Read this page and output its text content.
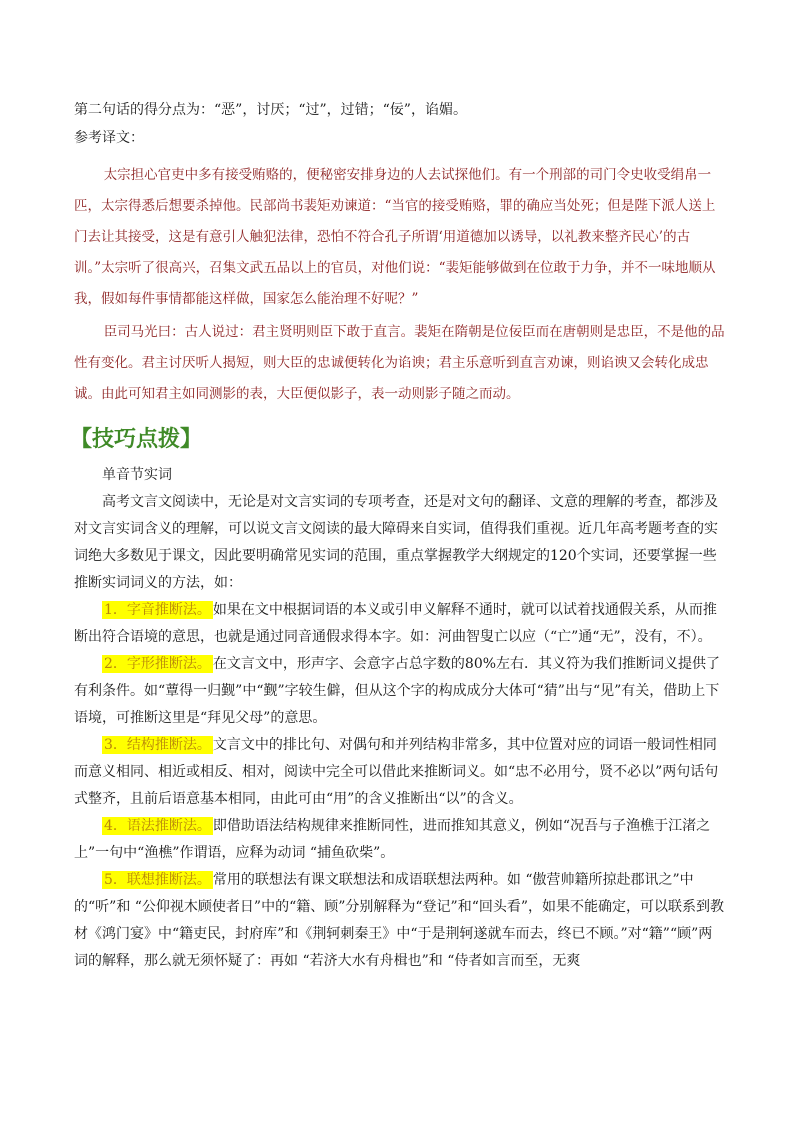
第二句话的得分点为：“恶”，讨厌；“过”，过错；“佞”，谄媚。
参考译文：

太宗担心官吏中多有接受贿赂的，便秘密安排身边的人去试探他们。有一个刑部的司门令史收受绢帛一匹，太宗得悉后想要杀掉他。民部尚书裴矩劝谏道：“当官的接受贿赂，罪的确应当处死；但是陛下派人送上门去让其接受，这是有意引人触犯法律，恐怕不符合孔子所谓‘用道德加以诱导，以礼教来整齐民心’的古训。”太宗听了很高兴，召集文武五品以上的官员，对他们说：“裴矩能够做到在位敢于力争，并不一味地顺从我，假如每件事情都能这样做，国家怎么能治理不好呢？”

臣司马光曰：古人说过：君主贤明则臣下敢于直言。裴矩在隋朝是位佞臣而在唐朝则是忠臣，不是他的品性有变化。君主讨厌听人揭短，则大臣的忠诚便转化为谄谀；君主乐意听到直言劝谏，则谄谀又会转化成忠诚。由此可知君主如同测影的表，大臣便似影子，表一动则影子随之而动。

【技巧点拨】

单音节实词

高考文言文阅读中，无论是对文言实词的专项考查，还是对文句的翻译、文意的理解的考查，都涉及对文言实词含义的理解，可以说文言文阅读的最大障碍来自实词，值得我们重视。近几年高考题考查的实词绝大多数见于课文，因此要明确常见实词的范围，重点掌握教学大纲规定的120个实词，还要掌握一些推断实词词义的方法，如：

1．字音推断法。 如果在文中根据词语的本义或引申义解释不通时，就可以试着找通假关系，从而推断出符合语境的意思，也就是通过同音通假求得本字。如：河曲智叟亡以应（“亡”通“无”，没有，不）。

2．字形推断法。 在文言文中，形声字、会意字占总字数的80%左右．其义符为我们推断词义提供了有利条件。如“蕈得一归觐”中“觐”字较生僻，但从这个字的构成成分大体可“猜”出与“见”有关，借助上下语境，可推断这里是“拜见父母”的意思。

3．结构推断法。 文言文中的排比句、对偶句和并列结构非常多，其中位置对应的词语一般词性相同而意义相同、相近或相反、相对，阅读中完全可以借此来推断词义。如“忠不必用兮，贤不必以”两句话句式整齐，且前后语意基本相同，由此可由“用”的含义推断出“以”的含义。

4．语法推断法。 即借助语法结构规律来推断同性，进而推知其意义，例如“况吾与子渔樵于江渚之上”一句中“渔樵”作谓语，应释为动词 “捕鱼砍柴”。

5．联想推断法。 常用的联想法有课文联想法和成语联想法两种。如 “傲营帅籍所掠赴郡讯之”中的“听”和 “公仰视木顾使者日”中的“籍、顾”分别解释为“登记”和“回头看”，如果不能确定，可以联系到教材《鸿门宴》中“籍吏民，封府库”和《荆轲刺秦王》中“于是荆轲遂就车而去，终已不顾。”对“籍”“顾”两词的解释，那么就无须怀疑了：再如 “若济大水有舟楫也”和 “侍者如言而至，无爽
